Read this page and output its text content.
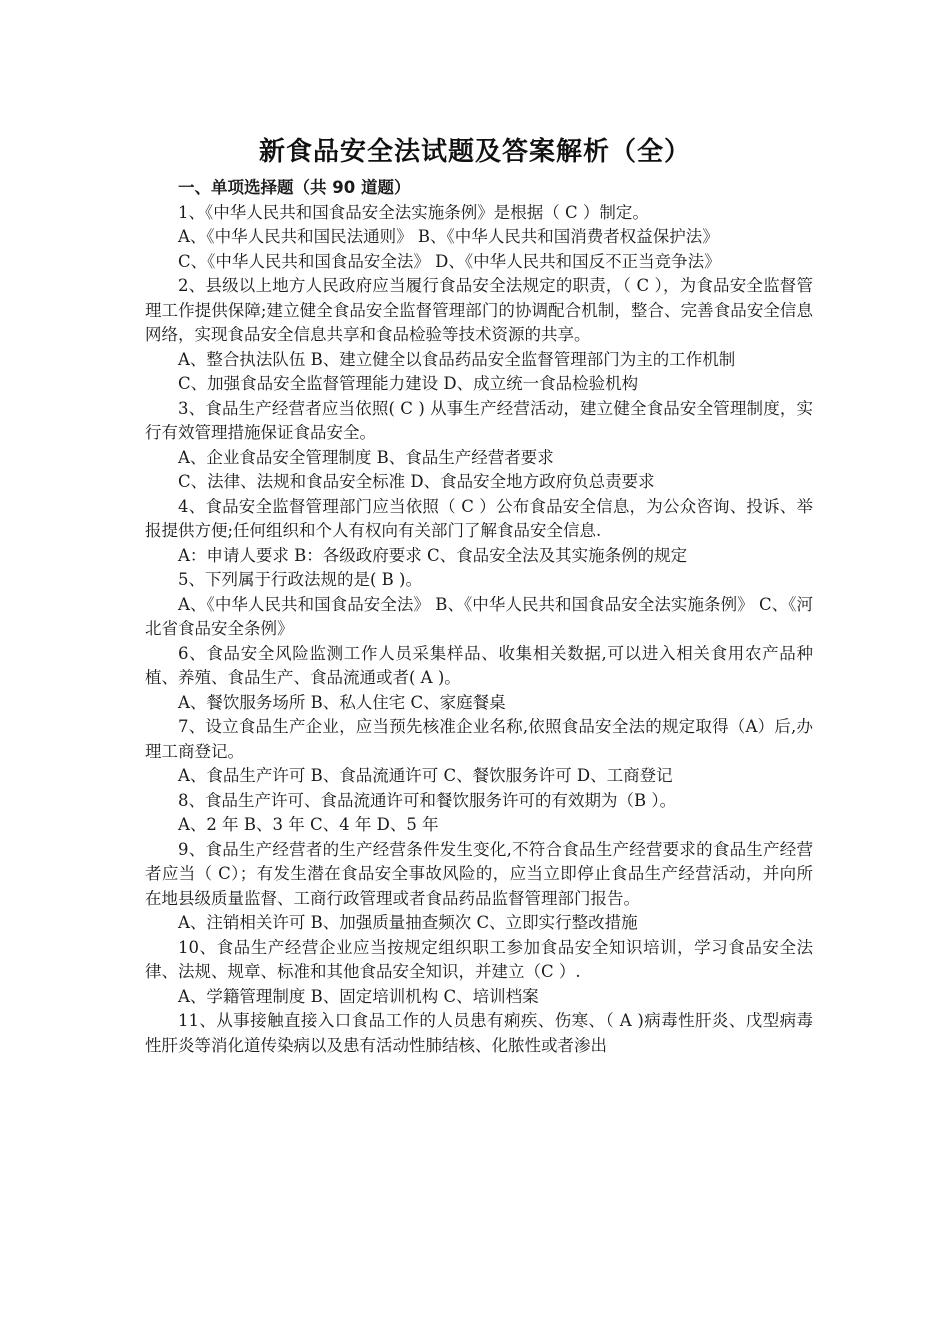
新食品安全法试题及答案解析（全）

一、单项选择题（共 90 道题）

1、《中华人民共和国食品安全法实施条例》是根据（ C ）制定。

A、《中华人民共和国民法通则》 B、《中华人民共和国消费者权益保护法》

C、《中华人民共和国食品安全法》 D、《中华人民共和国反不正当竞争法》

2、县级以上地方人民政府应当履行食品安全法规定的职责，（ C ），为食品安全监督管理工作提供保障;建立健全食品安全监督管理部门的协调配合机制，整合、完善食品安全信息网络，实现食品安全信息共享和食品检验等技术资源的共享。

A、整合执法队伍 B、建立健全以食品药品安全监督管理部门为主的工作机制

C、加强食品安全监督管理能力建设 D、成立统一食品检验机构

3、食品生产经营者应当依照( C ) 从事生产经营活动，建立健全食品安全管理制度，实行有效管理措施保证食品安全。

A、企业食品安全管理制度 B、食品生产经营者要求

C、法律、法规和食品安全标准 D、食品安全地方政府负总责要求

4、食品安全监督管理部门应当依照（ C ）公布食品安全信息，为公众咨询、投诉、举报提供方便;任何组织和个人有权向有关部门了解食品安全信息.

A：申请人要求 B：各级政府要求 C、食品安全法及其实施条例的规定

5、下列属于行政法规的是( B )。

A、《中华人民共和国食品安全法》 B、《中华人民共和国食品安全法实施条例》 C、《河北省食品安全条例》

6、食品安全风险监测工作人员采集样品、收集相关数据,可以进入相关食用农产品种植、养殖、食品生产、食品流通或者( A )。

A、餐饮服务场所 B、私人住宅 C、家庭餐桌

7、设立食品生产企业，应当预先核准企业名称,依照食品安全法的规定取得（A）后,办理工商登记。

A、食品生产许可 B、食品流通许可 C、餐饮服务许可 D、工商登记

8、食品生产许可、食品流通许可和餐饮服务许可的有效期为（B ）。

A、2 年 B、3 年 C、4 年 D、5 年

9、食品生产经营者的生产经营条件发生变化,不符合食品生产经营要求的食品生产经营者应当（ C）；有发生潜在食品安全事故风险的，应当立即停止食品生产经营活动，并向所在地县级质量监督、工商行政管理或者食品药品监督管理部门报告。

A、注销相关许可 B、加强质量抽查频次 C、立即实行整改措施

10、食品生产经营企业应当按规定组织职工参加食品安全知识培训，学习食品安全法律、法规、规章、标准和其他食品安全知识，并建立（C ）.

A、学籍管理制度 B、固定培训机构 C、培训档案

11、从事接触直接入口食品工作的人员患有痢疾、伤寒、（ A )病毒性肝炎、戊型病毒性肝炎等消化道传染病以及患有活动性肺结核、化脓性或者渗出
